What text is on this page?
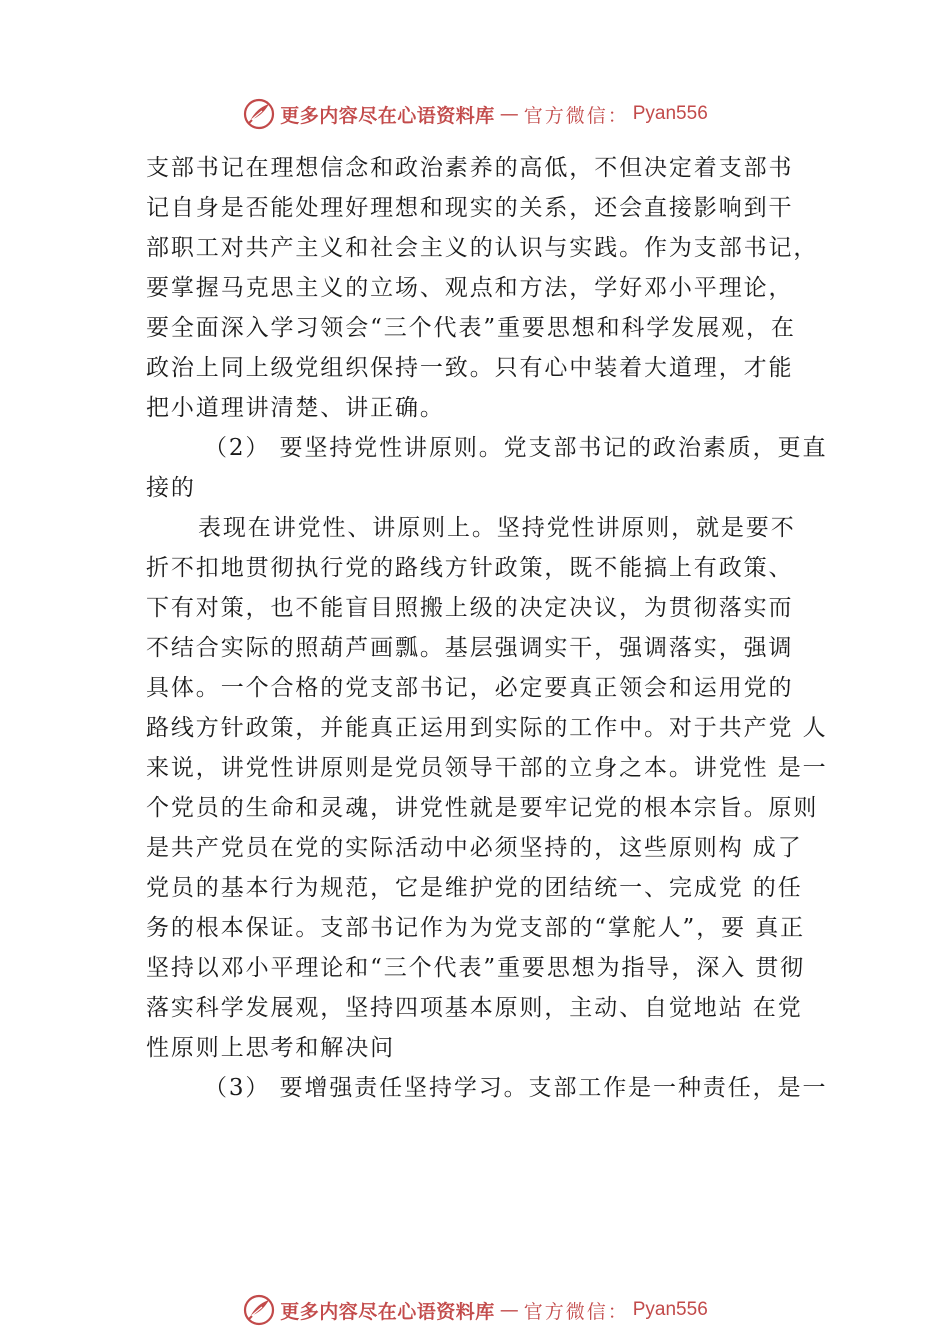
更多内容尽在心语资料库 — 官方微信： Pyan556
支部书记在理想信念和政治素养的高低，不但决定着支部书
记自身是否能处理好理想和现实的关系，还会直接影响到干
部职工对共产主义和社会主义的认识与实践。作为支部书记，
要掌握马克思主义的立场、观点和方法，学好邓小平理论，
要全面深入学习领会“三个代表”重要思想和科学发展观，在
政治上同上级党组织保持一致。只有心中装着大道理，才能
把小道理讲清楚、讲正确。
（2） 要坚持党性讲原则。党支部书记的政治素质，更直
接的
表现在讲党性、讲原则上。坚持党性讲原则，就是要不
折不扣地贯彻执行党的路线方针政策，既不能搞上有政策、
下有对策，也不能盲目照搬上级的决定决议，为贯彻落实而
不结合实际的照葫芦画瓢。基层强调实干，强调落实，强调
具体。一个合格的党支部书记，必定要真正领会和运用党的
路线方针政策，并能真正运用到实际的工作中。对于共产党 人
来说，讲党性讲原则是党员领导干部的立身之本。讲党性 是一
个党员的生命和灵魂，讲党性就是要牢记党的根本宗旨。原则
是共产党员在党的实际活动中必须坚持的，这些原则构 成了
党员的基本行为规范，它是维护党的团结统一、完成党 的任
务的根本保证。支部书记作为为党支部的“掌舵人”，要 真正
坚持以邓小平理论和“三个代表”重要思想为指导，深入 贯彻
落实科学发展观，坚持四项基本原则，主动、自觉地站 在党
性原则上思考和解决问
（3） 要增强责任坚持学习。支部工作是一种责任，是一
更多内容尽在心语资料库 — 官方微信： Pyan556
